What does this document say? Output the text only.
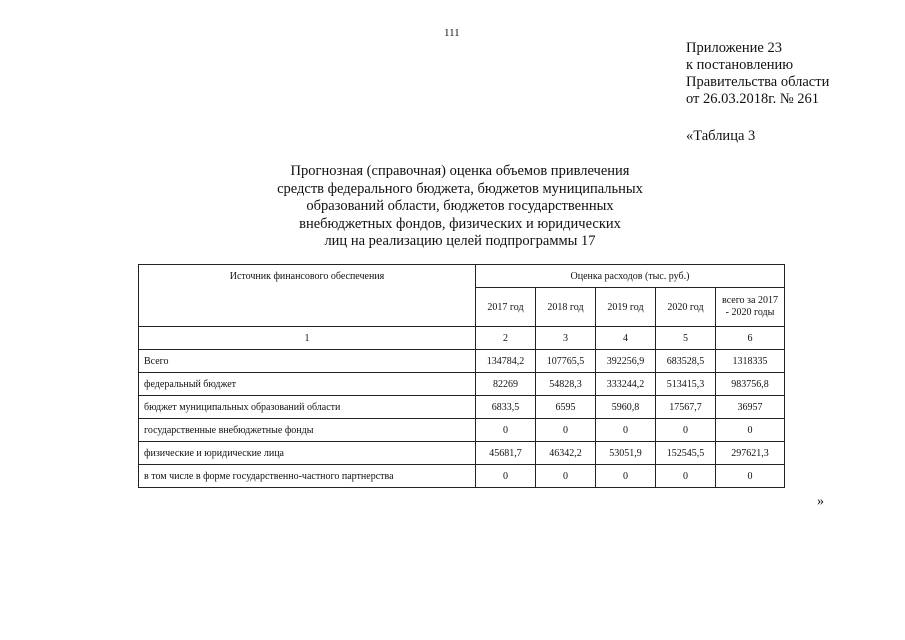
111
Приложение 23
к постановлению
Правительства области
от 26.03.2018г. № 261
«Таблица 3
Прогнозная (справочная) оценка объемов привлечения
средств федерального бюджета, бюджетов муниципальных
образований области, бюджетов государственных
внебюджетных фондов, физических и юридических
лиц на реализацию целей подпрограммы 17
Источник финансового обеспечения	Оценка расходов (тыс. руб.)				
	2017 год	2018 год	2019 год	2020 год	всего за 2017 - 2020 годы
1	2	3	4	5	6
Всего	134784,2	107765,5	392256,9	683528,5	1318335
федеральный бюджет	82269	54828,3	333244,2	513415,3	983756,8
бюджет муниципальных образований области	6833,5	6595	5960,8	17567,7	36957
государственные внебюджетные фонды	0	0	0	0	0
физические и юридические лица	45681,7	46342,2	53051,9	152545,5	297621,3
в том числе в форме государственно-частного партнерства	0	0	0	0	0
»
